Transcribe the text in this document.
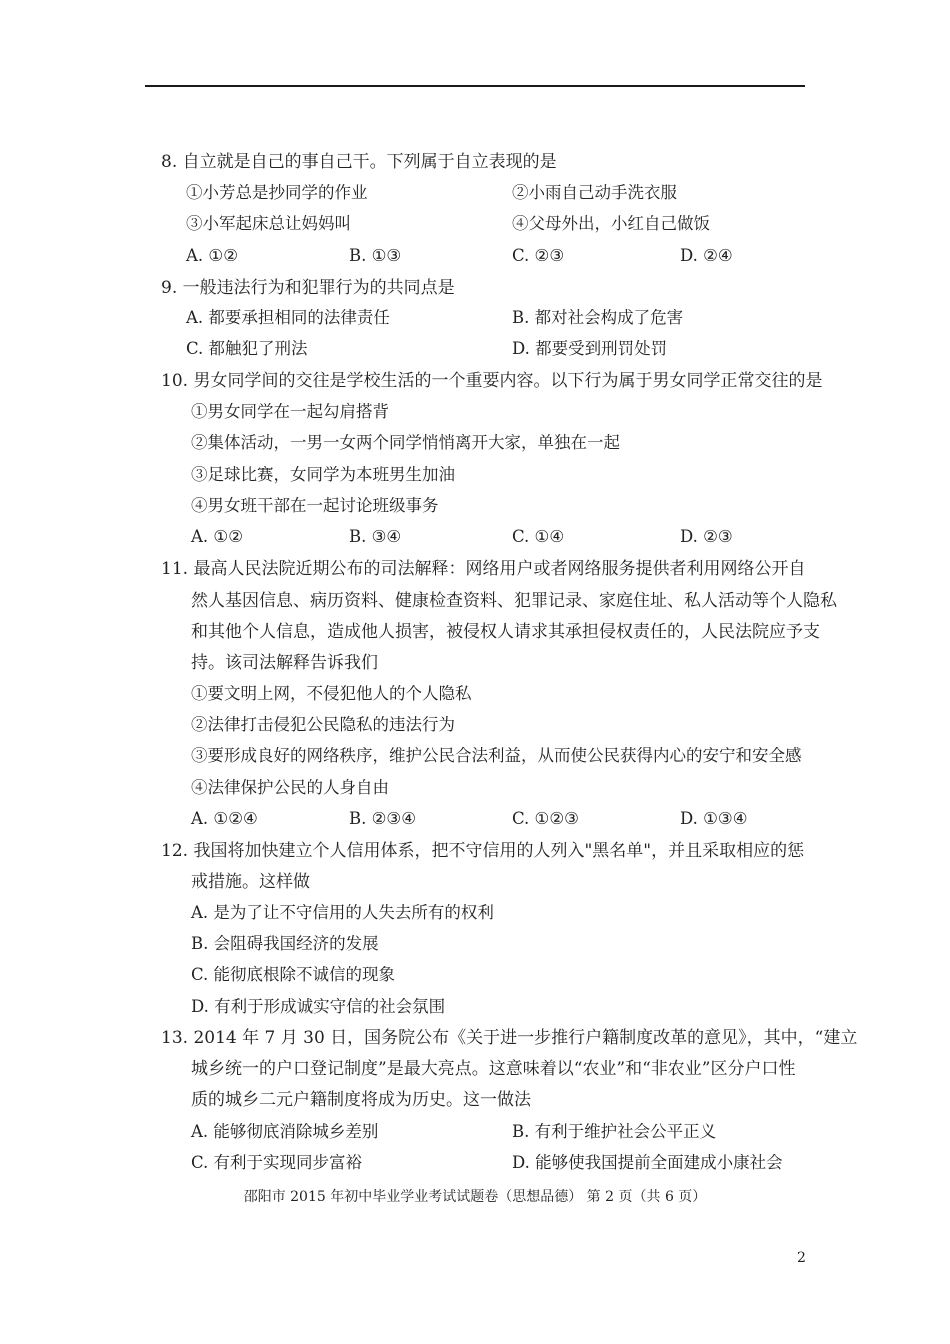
8. 自立就是自己的事自己干。下列属于自立表现的是
①小芳总是抄同学的作业	②小雨自己动手洗衣服
③小军起床总让妈妈叫	④父母外出，小红自己做饭
A. ①②	B. ①③	C. ②③	D. ②④
9. 一般违法行为和犯罪行为的共同点是
A. 都要承担相同的法律责任	B. 都对社会构成了危害
C. 都触犯了刑法	D. 都要受到刑罚处罚
10. 男女同学间的交往是学校生活的一个重要内容。以下行为属于男女同学正常交往的是
①男女同学在一起勾肩搭背
②集体活动，一男一女两个同学悄悄离开大家，单独在一起
③足球比赛，女同学为本班男生加油
④男女班干部在一起讨论班级事务
A. ①②	B. ③④	C. ①④	D. ②③
11. 最高人民法院近期公布的司法解释：网络用户或者网络服务提供者利用网络公开自
然人基因信息、病历资料、健康检查资料、犯罪记录、家庭住址、私人活动等个人隐私
和其他个人信息，造成他人损害，被侵权人请求其承担侵权责任的，人民法院应予支
持。该司法解释告诉我们
①要文明上网，不侵犯他人的个人隐私
②法律打击侵犯公民隐私的违法行为
③要形成良好的网络秩序，维护公民合法利益，从而使公民获得内心的安宁和安全感
④法律保护公民的人身自由
A. ①②④	B. ②③④	C. ①②③	D. ①③④
12. 我国将加快建立个人信用体系，把不守信用的人列入"黑名单"，并且采取相应的惩
戒措施。这样做
A. 是为了让不守信用的人失去所有的权利
B. 会阻碍我国经济的发展
C. 能彻底根除不诚信的现象
D. 有利于形成诚实守信的社会氛围
13. 2014 年 7 月 30 日，国务院公布《关于进一步推行户籍制度改革的意见》，其中，“建立
城乡统一的户口登记制度”是最大亮点。这意味着以“农业”和“非农业”区分户口性
质的城乡二元户籍制度将成为历史。这一做法
A. 能够彻底消除城乡差别	B. 有利于维护社会公平正义
C. 有利于实现同步富裕	D. 能够使我国提前全面建成小康社会
邵阳市 2015 年初中毕业学业考试试题卷（思想品德） 第 2 页（共 6 页）
2
